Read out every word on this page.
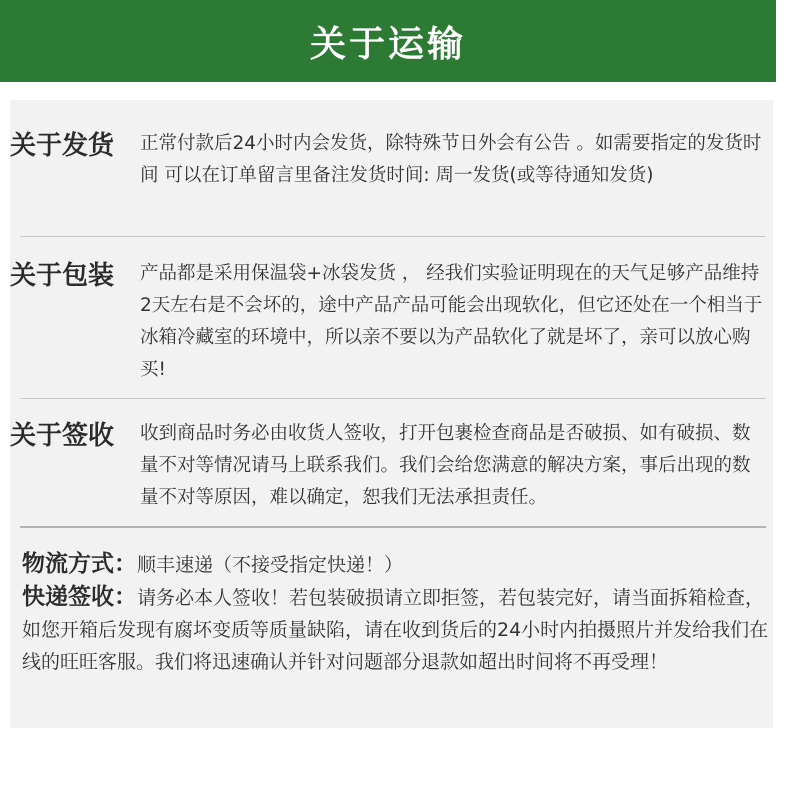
关于运输
关于发货 正常付款后24小时内会发货，除特殊节日外会有公告 。如需要指定的发货时间 可以在订单留言里备注发货时间: 周一发货(或等待通知发货)
关于包装 产品都是采用保温袋+冰袋发货 ， 经我们实验证明现在的天气足够产品维持2天左右是不会坏的，途中产品产品可能会出现软化，但它还处在一个相当于冰箱冷藏室的环境中，所以亲不要以为产品软化了就是坏了，亲可以放心购买!
关于签收 收到商品时务必由收货人签收，打开包裹检查商品是否破损、如有破损、数量不对等情况请马上联系我们。我们会给您满意的解决方案，事后出现的数量不对等原因，难以确定，恕我们无法承担责任。

物流方式：顺丰速递（不接受指定快递！）

快递签收：请务必本人签收！若包装破损请立即拒签，若包装完好，请当面拆箱检查，如您开箱后发现有腐坏变质等质量缺陷，请在收到货后的24小时内拍摄照片并发给我们在线的旺旺客服。我们将迅速确认并针对问题部分退款如超出时间将不再受理！
